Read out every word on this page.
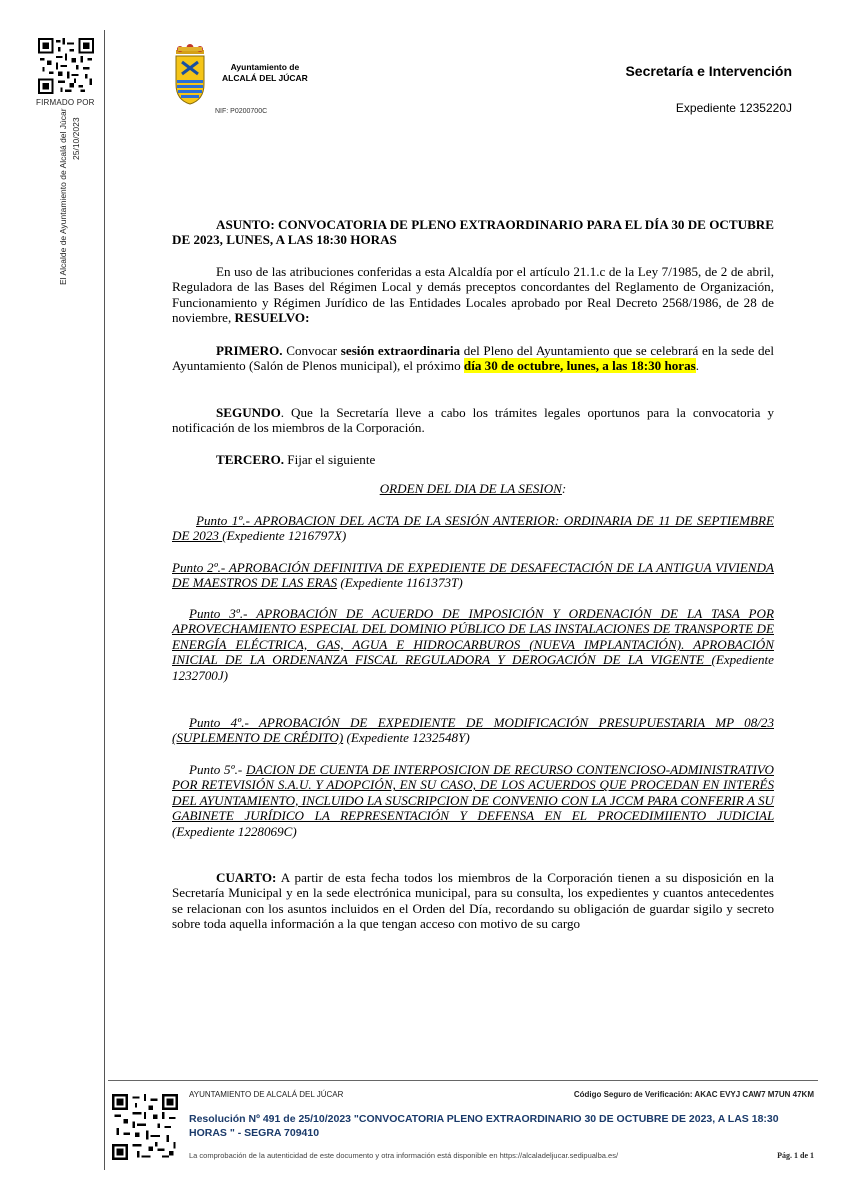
FIRMADO POR
El Alcalde de Ayuntamiento de Alcalá del Júcar 25/10/2023
Ayuntamiento de
ALCALÁ DEL JÚCAR
NIF: P0200700C
Secretaría e Intervención
Expediente 1235220J
ASUNTO: CONVOCATORIA DE PLENO EXTRAORDINARIO PARA EL DÍA 30 DE OCTUBRE DE 2023, LUNES, A LAS 18:30 HORAS
En uso de las atribuciones conferidas a esta Alcaldía por el artículo 21.1.c de la Ley 7/1985, de 2 de abril, Reguladora de las Bases del Régimen Local y demás preceptos concordantes del Reglamento de Organización, Funcionamiento y Régimen Jurídico de las Entidades Locales aprobado por Real Decreto 2568/1986, de 28 de noviembre, RESUELVO:
PRIMERO. Convocar sesión extraordinaria del Pleno del Ayuntamiento que se celebrará en la sede del Ayuntamiento (Salón de Plenos municipal), el próximo día 30 de octubre, lunes, a las 18:30 horas.
SEGUNDO. Que la Secretaría lleve a cabo los trámites legales oportunos para la convocatoria y notificación de los miembros de la Corporación.
TERCERO. Fijar el siguiente
ORDEN DEL DIA DE LA SESION:
Punto 1º.- APROBACION DEL ACTA DE LA SESIÓN ANTERIOR: ORDINARIA DE 11 DE SEPTIEMBRE DE 2023 (Expediente 1216797X)
Punto 2º.- APROBACIÓN DEFINITIVA DE EXPEDIENTE DE DESAFECTACIÓN DE LA ANTIGUA VIVIENDA DE MAESTROS DE LAS ERAS (Expediente 1161373T)
Punto 3º.- APROBACIÓN DE ACUERDO DE IMPOSICIÓN Y ORDENACIÓN DE LA TASA POR APROVECHAMIENTO ESPECIAL DEL DOMINIO PÚBLICO DE LAS INSTALACIONES DE TRANSPORTE DE ENERGÍA ELÉCTRICA, GAS, AGUA E HIDROCARBUROS (NUEVA IMPLANTACIÓN). APROBACIÓN INICIAL DE LA ORDENANZA FISCAL REGULADORA Y DEROGACIÓN DE LA VIGENTE (Expediente 1232700J)
Punto 4º.- APROBACIÓN DE EXPEDIENTE DE MODIFICACIÓN PRESUPUESTARIA MP 08/23 (SUPLEMENTO DE CRÉDITO) (Expediente 1232548Y)
Punto 5º.- DACION DE CUENTA DE INTERPOSICION DE RECURSO CONTENCIOSO-ADMINISTRATIVO POR RETEVISIÓN S.A.U. Y ADOPCIÓN, EN SU CASO, DE LOS ACUERDOS QUE PROCEDAN EN INTERÉS DEL AYUNTAMIENTO, INCLUIDO LA SUSCRIPCION DE CONVENIO CON LA JCCM PARA CONFERIR A SU GABINETE JURÍDICO LA REPRESENTACIÓN Y DEFENSA EN EL PROCEDIMIIENTO JUDICIAL (Expediente 1228069C)
CUARTO: A partir de esta fecha todos los miembros de la Corporación tienen a su disposición en la Secretaría Municipal y en la sede electrónica municipal, para su consulta, los expedientes y cuantos antecedentes se relacionan con los asuntos incluidos en el Orden del Día, recordando su obligación de guardar sigilo y secreto sobre toda aquella información a la que tengan acceso con motivo de su cargo
AYUNTAMIENTO DE ALCALÁ DEL JÚCAR	Código Seguro de Verificación: AKAC EVYJ CAW7 M7UN 47KM
Resolución Nº 491 de 25/10/2023 "CONVOCATORIA PLENO EXTRAORDINARIO 30 DE OCTUBRE DE 2023, A LAS 18:30 HORAS " - SEGRA 709410
La comprobación de la autenticidad de este documento y otra información está disponible en https://alcaladeljucar.sedipualba.es/	Pág. 1 de 1
